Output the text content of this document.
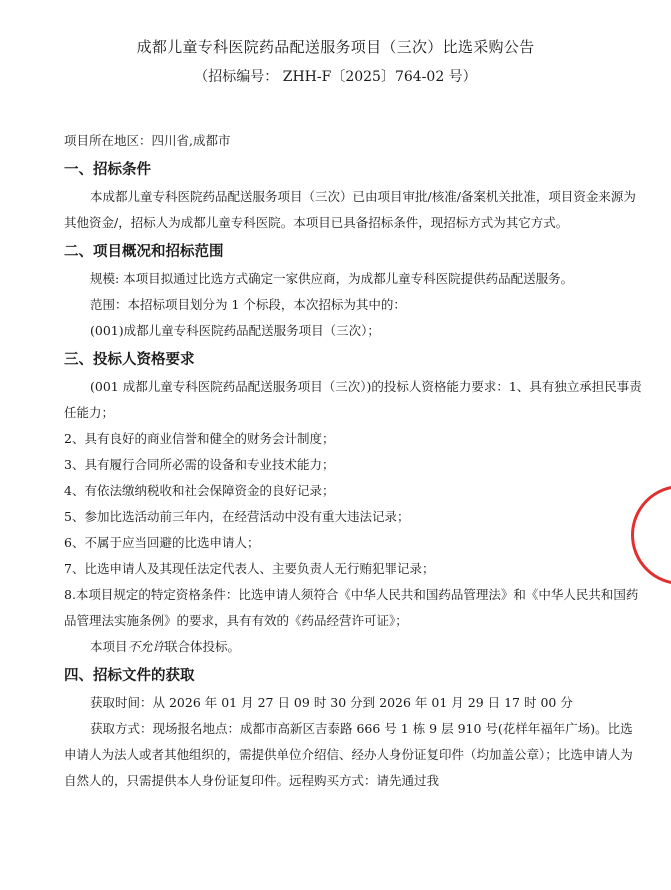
成都儿童专科医院药品配送服务项目（三次）比选采购公告
（招标编号： ZHH-F〔2025〕764-02 号）

项目所在地区：四川省,成都市

一、招标条件

本成都儿童专科医院药品配送服务项目（三次）已由项目审批/核准/备案机关批准，项目资金来源为其他资金/，招标人为成都儿童专科医院。本项目已具备招标条件，现招标方式为其它方式。

二、项目概况和招标范围

规模: 本项目拟通过比选方式确定一家供应商，为成都儿童专科医院提供药品配送服务。

范围：本招标项目划分为 1 个标段，本次招标为其中的：

(001)成都儿童专科医院药品配送服务项目（三次）；

三、投标人资格要求

(001 成都儿童专科医院药品配送服务项目（三次）)的投标人资格能力要求：1、具有独立承担民事责任能力；

2、具有良好的商业信誉和健全的财务会计制度；

3、具有履行合同所必需的设备和专业技术能力；

4、有依法缴纳税收和社会保障资金的良好记录；

5、参加比选活动前三年内，在经营活动中没有重大违法记录；

6、不属于应当回避的比选申请人；

7、比选申请人及其现任法定代表人、主要负责人无行贿犯罪记录；

8.本项目规定的特定资格条件：比选申请人须符合《中华人民共和国药品管理法》和《中华人民共和国药品管理法实施条例》的要求，具有有效的《药品经营许可证》；

本项目不允许联合体投标。

四、招标文件的获取

获取时间：从 2026 年 01 月 27 日 09 时 30 分到 2026 年 01 月 29 日 17 时 00 分

获取方式：现场报名地点：成都市高新区吉泰路 666 号 1 栋 9 层 910 号(花样年福年广场)。比选申请人为法人或者其他组织的，需提供单位介绍信、经办人身份证复印件（均加盖公章）；比选申请人为自然人的，只需提供本人身份证复印件。远程购买方式：请先通过我
